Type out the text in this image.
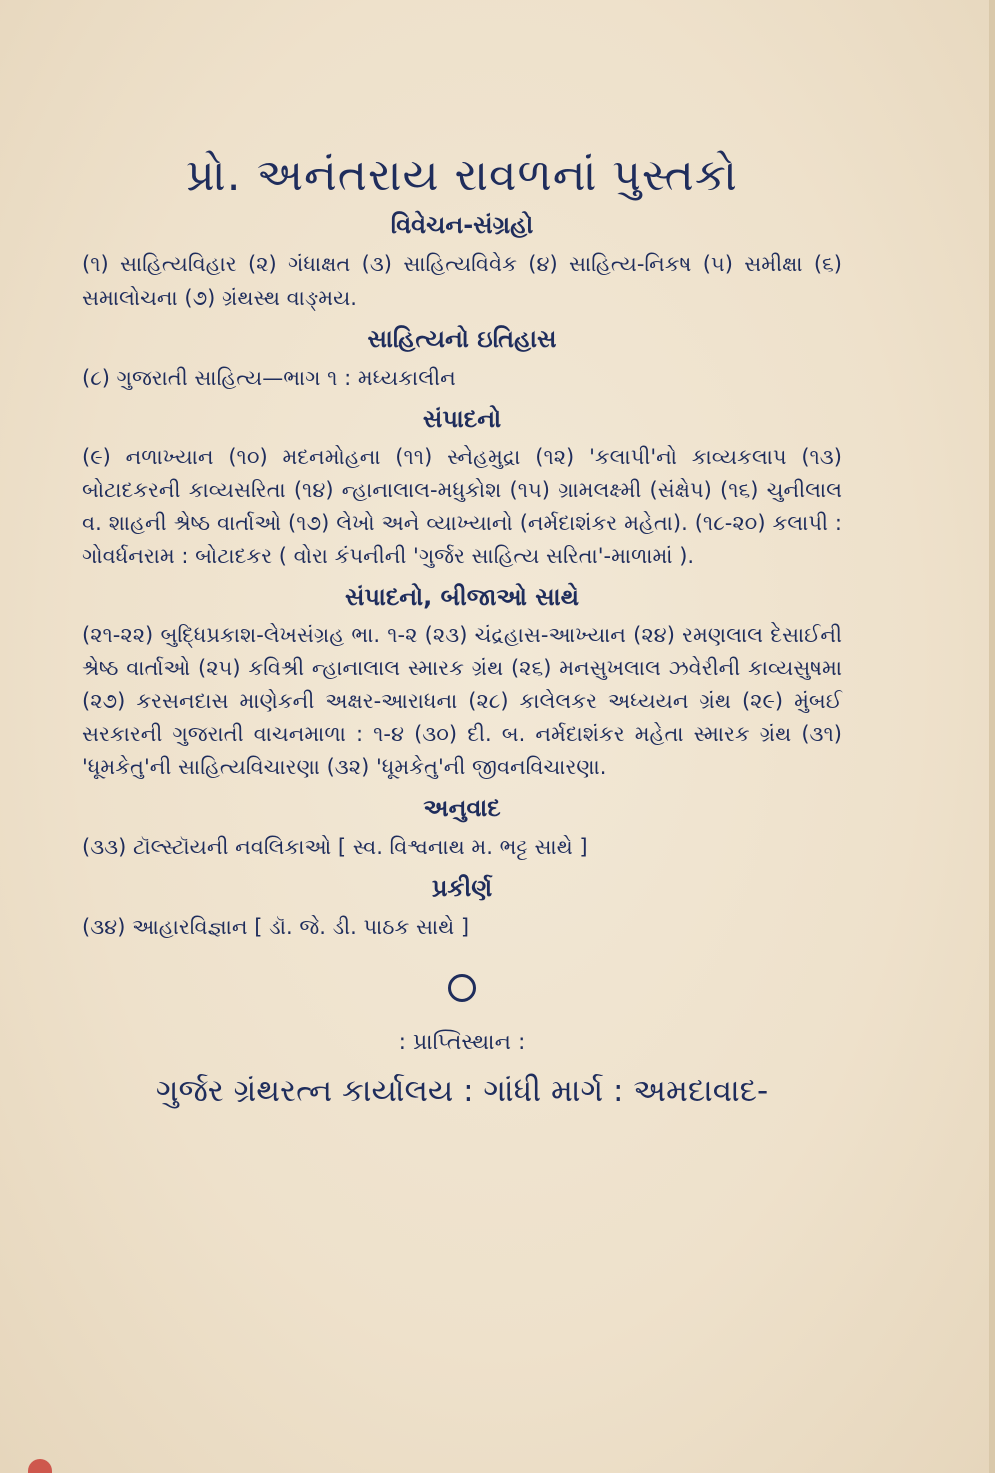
પ્રો. અનંતરાય રાવળનાં પુસ્તકો
વિવેચન-સંગ્રહો

(૧) સાહિત્યવિહાર (૨) ગંધાક્ષત (૩) સાહિત્યવિવેક (૪) સાહિત્ય-નિકષ (૫) સમીક્ષા (૬) સમાલોચના (૭) ગ્રંથસ્થ વાઙ્મય.

સાહિત્યનો ઇતિહાસ

(૮) ગુજરાતી સાહિત્ય—ભાગ ૧ : મધ્યકાલીન

સંપાદનો

(૯) નળાખ્યાન (૧૦) મદનમોહના (૧૧) સ્નેહમુદ્રા (૧૨) 'કલાપી'નો કાવ્યકલાપ (૧૩) બોટાદકરની કાવ્યસરિતા (૧૪) ન્હાનાલાલ-મધુકોશ (૧૫) ગ્રામલક્ષ્મી (સંક્ષેપ) (૧૬) ચુનીલાલ વ. શાહની શ્રેષ્ઠ વાર્તાઓ (૧૭) લેખો અને વ્યાખ્યાનો (નર્મદાશંકર મહેતા). (૧૮-૨૦) કલાપી : ગોવર્ધનરામ : બોટાદકર ( વોરા કંપનીની 'ગુર્જર સાહિત્ય સરિતા'-માળામાં ).

સંપાદનો, બીજાઓ સાથે

(૨૧-૨૨) બુદ્ધિપ્રકાશ-લેખસંગ્રહ ભા. ૧-૨ (૨૩) ચંદ્રહાસ-આખ્યાન (૨૪) રમણલાલ દેસાઈની શ્રેષ્ઠ વાર્તાઓ (૨૫) કવિશ્રી ન્હાનાલાલ સ્મારક ગ્રંથ (૨૬) મનસુખલાલ ઝવેરીની કાવ્યસુષમા (૨૭) કરસનદાસ માણેકની અક્ષર-આરાધના (૨૮) કાલેલકર અધ્યયન ગ્રંથ (૨૯) મુંબઈ સરકારની ગુજરાતી વાચનમાળા : ૧-૪ (૩૦) દી. બ. નર્મદાશંકર મહેતા સ્મારક ગ્રંથ (૩૧) 'ધૂમકેતુ'ની સાહિત્યવિચારણા (૩૨) 'ધૂમકેતુ'ની જીવનવિચારણા.

અનુવાદ

(૩૩) ટૉલ્સ્ટૉયની નવલિકાઓ [ સ્વ. વિશ્વનાથ મ. ભટ્ટ સાથે ]

પ્રકીર્ણ

(૩૪) આહારવિજ્ઞાન [ ડૉ. જે. ડી. પાઠક સાથે ]

: પ્રાપ્તિસ્થાન :
ગુર્જર ગ્રંથરત્ન કાર્યાલય : ગાંધી માર્ગ : અમદાવાદ-
